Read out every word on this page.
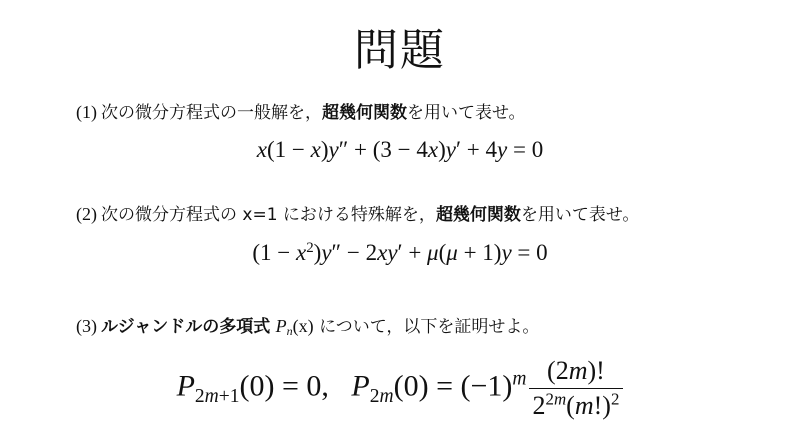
問題
(1) 次の微分方程式の一般解を，超幾何関数を用いて表せ。
x(1 − x)y″ + (3 − 4x)y′ + 4y = 0
(2) 次の微分方程式の x=1 における特殊解を，超幾何関数を用いて表せ。
$(1 - x^2)y'' - 2xy' + \mu(\mu + 1)y = 0$
(3) ルジャンドルの多項式 $P_n(x)$ について，以下を証明せよ。
$P_{2m+1}(0) = 0$,   $P_{2m}(0) = (-1)^m \frac{(2m)!}{2^{2m}(m!)^2}$
